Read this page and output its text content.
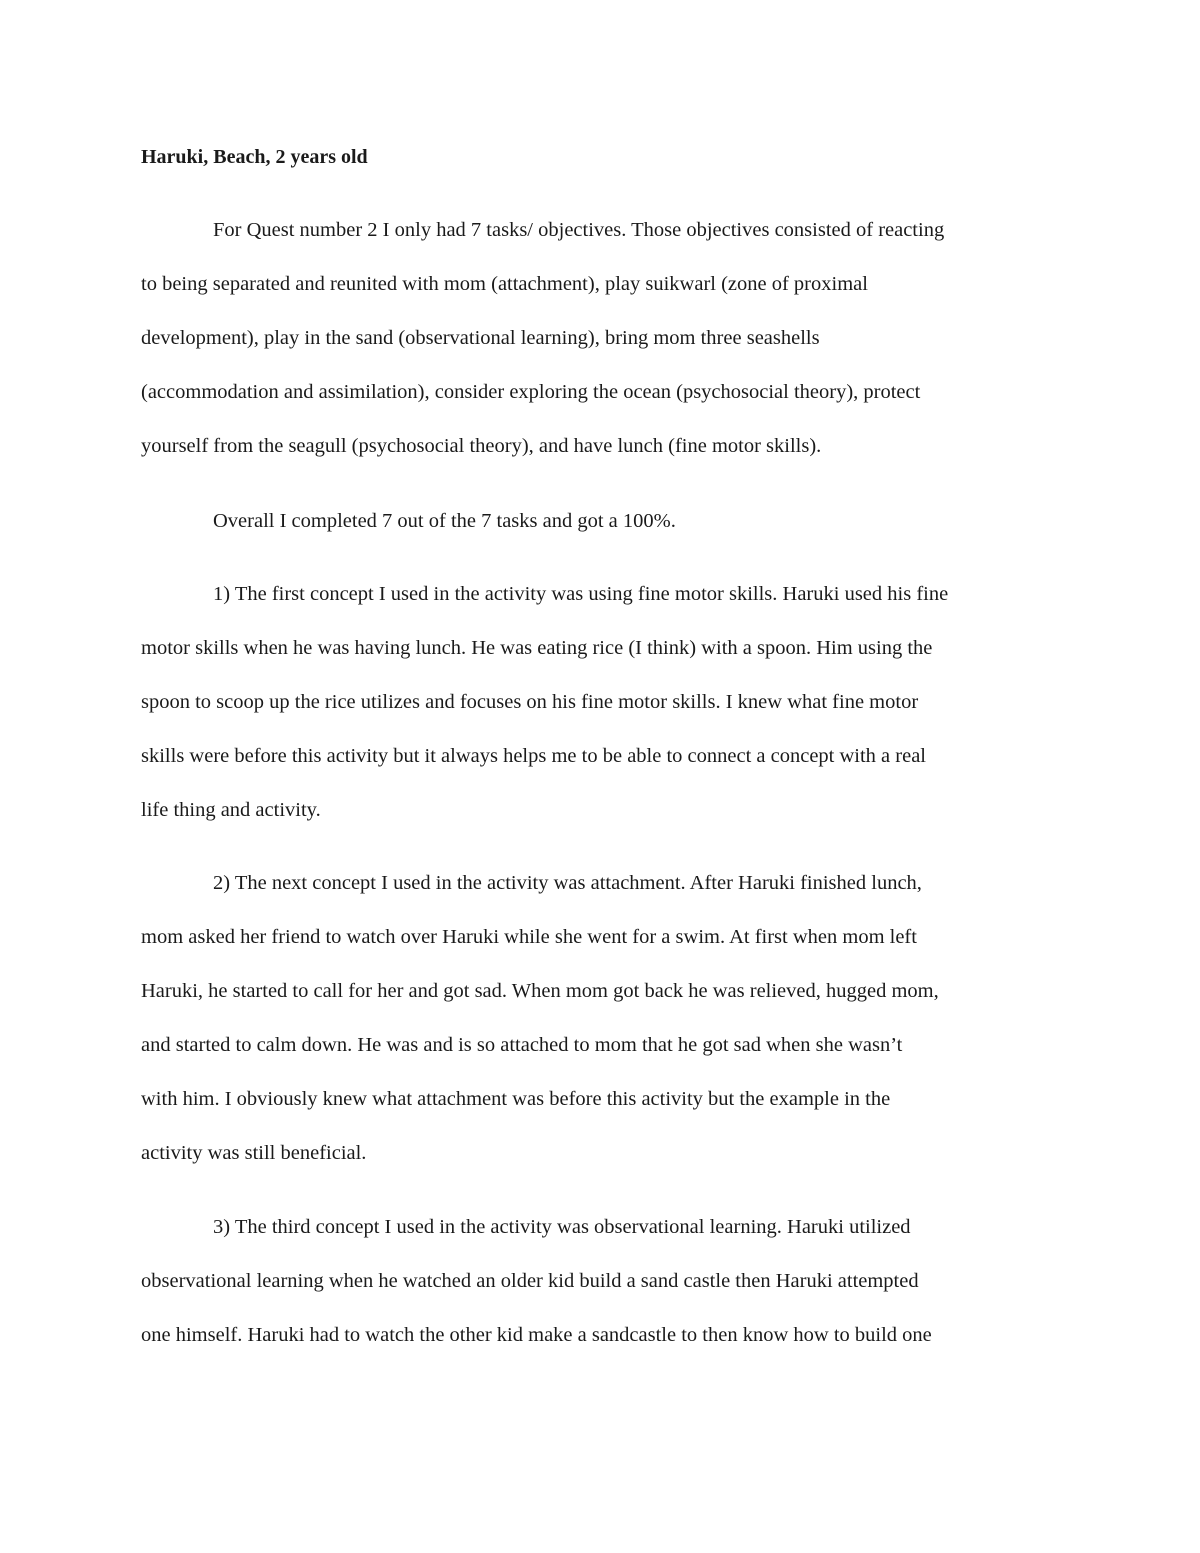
Haruki, Beach, 2 years old
For Quest number 2 I only had 7 tasks/ objectives. Those objectives consisted of reacting
to being separated and reunited with mom (attachment), play suikwarl (zone of proximal
development), play in the sand (observational learning), bring mom three seashells
(accommodation and assimilation), consider exploring the ocean (psychosocial theory), protect
yourself from the seagull (psychosocial theory), and have lunch (fine motor skills).
Overall I completed 7 out of the 7 tasks and got a 100%.
1) The first concept I used in the activity was using fine motor skills. Haruki used his fine
motor skills when he was having lunch. He was eating rice (I think) with a spoon. Him using the
spoon to scoop up the rice utilizes and focuses on his fine motor skills. I knew what fine motor
skills were before this activity but it always helps me to be able to connect a concept with a real
life thing and activity.
2) The next concept I used in the activity was attachment. After Haruki finished lunch,
mom asked her friend to watch over Haruki while she went for a swim. At first when mom left
Haruki, he started to call for her and got sad. When mom got back he was relieved, hugged mom,
and started to calm down. He was and is so attached to mom that he got sad when she wasn’t
with him. I obviously knew what attachment was before this activity but the example in the
activity was still beneficial.
3) The third concept I used in the activity was observational learning. Haruki utilized
observational learning when he watched an older kid build a sand castle then Haruki attempted
one himself. Haruki had to watch the other kid make a sandcastle to then know how to build one
